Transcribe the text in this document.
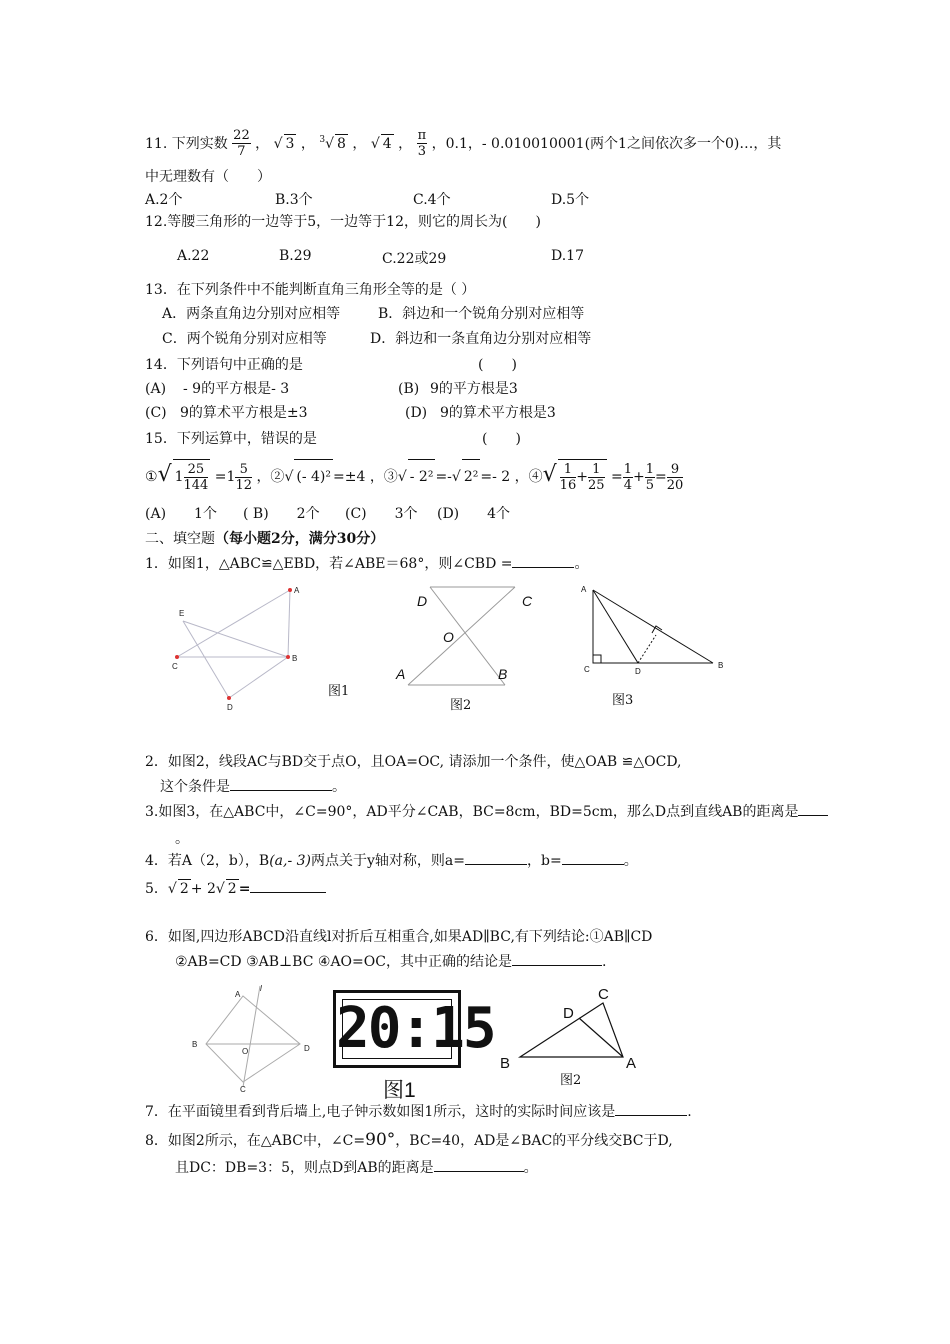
11. 下列实数 $\frac{22}{7}$ ， √ 3 ， $^3$ √ 8 ， √ 4 ， $\frac{\pi}{3}$ ，0.1，- 0.010010001(两个1之间依次多一个0)…，其
中无理数有（　　）
A.2个	B.3个	C.4个	D.5个
12.等腰三角形的一边等于5，一边等于12，则它的周长为(　　)
A.22	B.29	C.22或29	D.17
13．在下列条件中不能判断直角三角形全等的是（ ）
A．两条直角边分别对应相等	B．斜边和一个锐角分别对应相等
C．两个锐角分别对应相等	D．斜边和一条直角边分别对应相等
14．下列语句中正确的是	(　　)
(A) - 9的平方根是- 3	(B) 9的平方根是3
(C) 9的算术平方根是±3	(D) 9的算术平方根是3
15．下列运算中，错误的是	(　　)
① √ $1 \frac{25}{144} =1 \frac{5}{12}$ ，② √ (- 4)² =±4 ，③ √ - 2² =- √ 2² =- 2 ，④ √ $\frac{1}{16} + \frac{1}{25} = \frac{1}{4} + \frac{1}{5} = \frac{9}{20}$
(A)　　1个 ( B)　　2个 (C)　　3个 (D)　　4个
二、填空题（每小题2分，满分30分）
1．如图1，△ABC≌△EBD，若∠ABE＝68°，则∠CBD =	。
A
B
C
D
E
图1
D	C
O
A	B
图2
A
B
C	D
图3
2．如图2，线段AC与BD交于点O，且OA=OC, 请添加一个条件，使△OAB ≌△OCD,
这个条件是	。
3.如图3，在△ABC中，∠C=90°，AD平分∠CAB，BC=8cm，BD=5cm，那么D点到直线AB的距离是
。
4．若A（2，b），B(a,- 3)两点关于y轴对称，则a=	，b=	。
5． √ 2 + 2 √ 2 =
6．如图,四边形ABCD沿直线l对折后互相重合,如果AD∥BC,有下列结论:①AB∥CD
②AB=CD ③AB⊥BC ④AO=OC，其中正确的结论是	.
A
B
C
D
O
l
20:15
图1
B
C
D
A
图2
7．在平面镜里看到背后墙上,电子钟示数如图1所示，这时的实际时间应该是	.
8．如图2所示，在△ABC中，∠C=90°，BC=40，AD是∠BAC的平分线交BC于D,
且DC：DB=3：5，则点D到AB的距离是	。
